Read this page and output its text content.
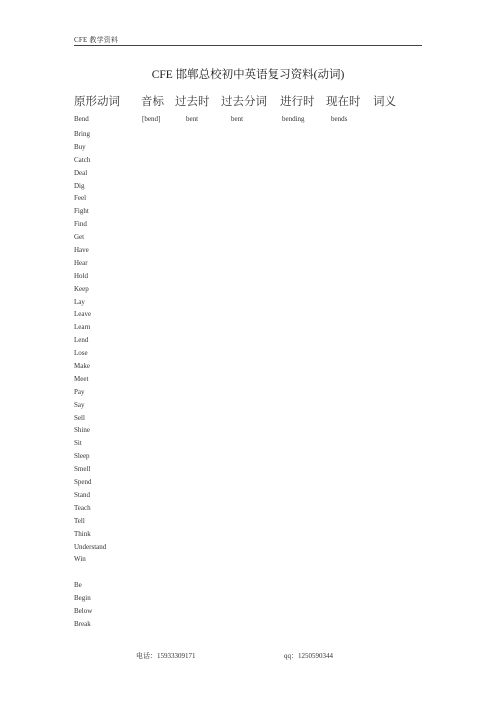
CFE 教学资料
CFE 邯郸总校初中英语复习资料(动词)
原形动词 音标 过去时 过去分词 进行时 现在时 词义
Bend	[bend]	bent	bent	bending	bends
Bring
Buy
Catch
Deal
Dig
Feel
Fight
Find
Get
Have
Hear
Hold
Keep
Lay
Leave
Learn
Lend
Lose
Make
Meet
Pay
Say
Sell
Shine
Sit
Sleep
Smell
Spend
Stand
Teach
Tell
Think
Understand
Win
Be
Begin
Below
Break
电话：15933309171	qq：1250590344
